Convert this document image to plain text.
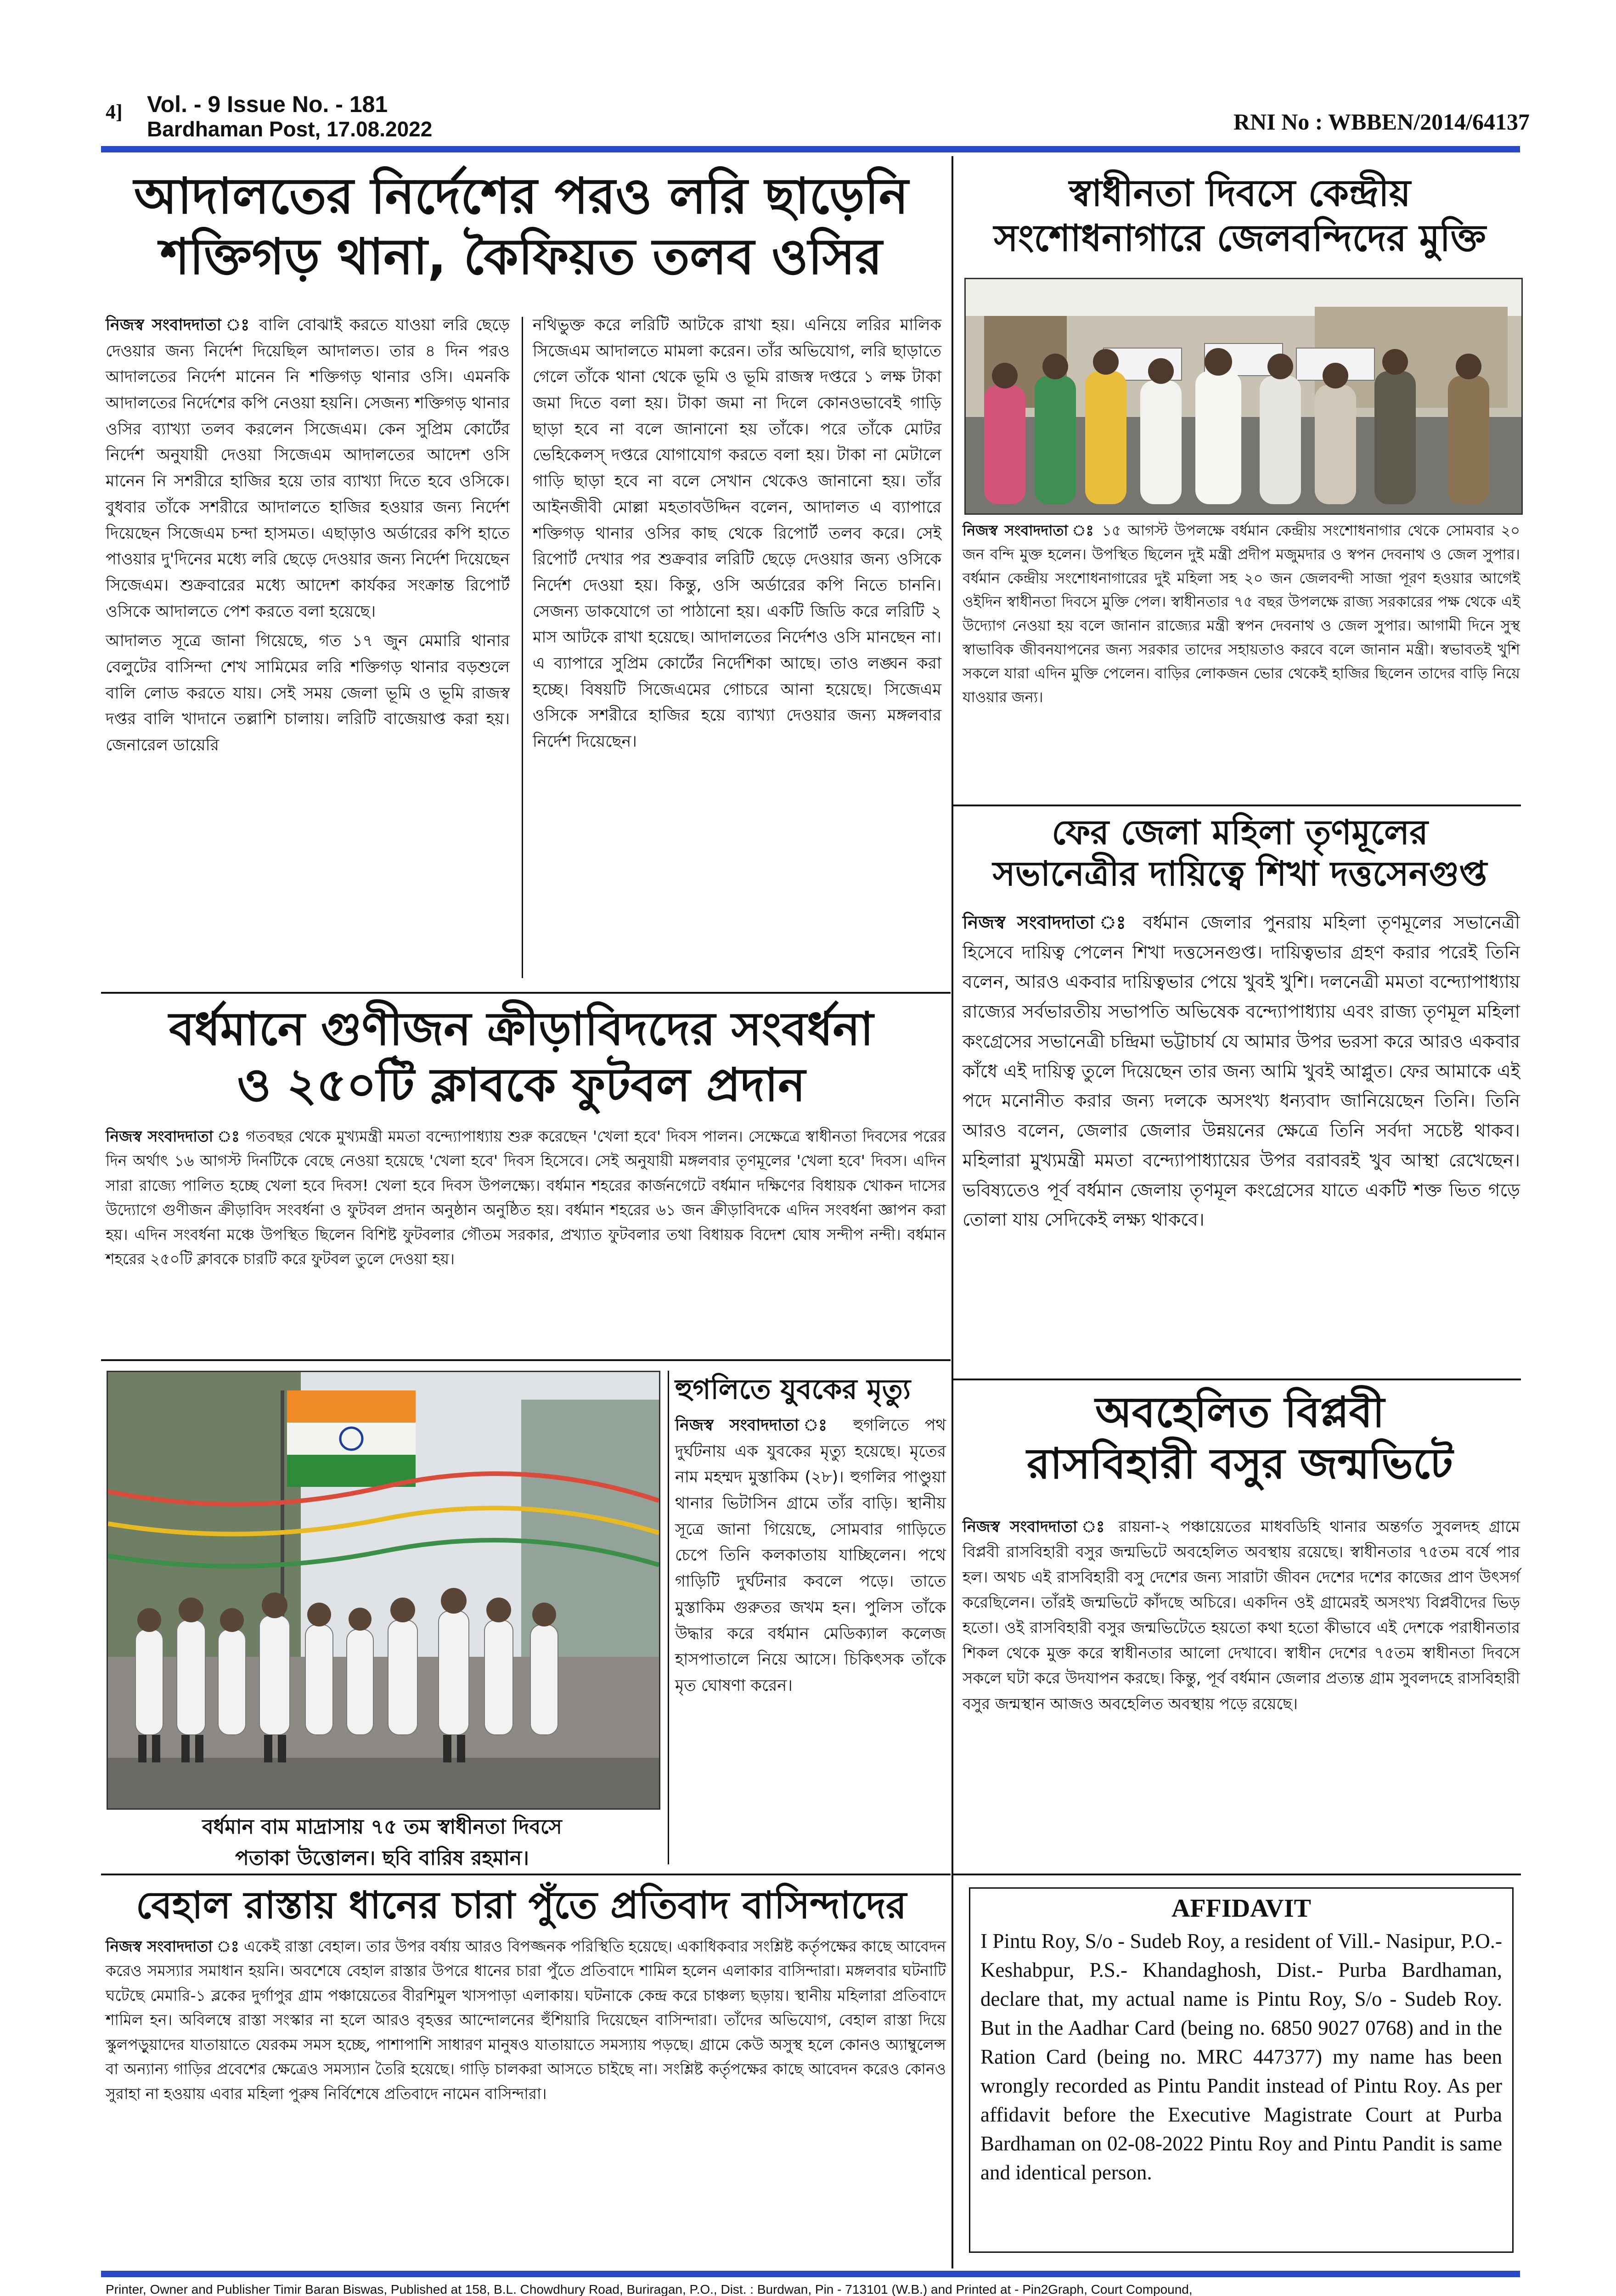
4] Vol. - 9 Issue No. - 181
Bardhaman Post, 17.08.2022	RNI No : WBBEN/2014/64137
আদালতের নির্দেশের পরও লরি ছাড়েনি
শক্তিগড় থানা, কৈফিয়ত তলব ওসির

নিজস্ব সংবাদদাতা ঃ বালি বোঝাই করতে যাওয়া লরি ছেড়ে দেওয়ার জন্য নির্দেশ দিয়েছিল আদালত। তার ৪ দিন পরও আদালতের নির্দেশ মানেন নি শক্তিগড় থানার ওসি। এমনকি আদালতের নির্দেশের কপি নেওয়া হয়নি। সেজন্য শক্তিগড় থানার ওসির ব্যাখ্যা তলব করলেন সিজেএম। কেন সুপ্রিম কোর্টের নির্দেশ অনুযায়ী দেওয়া সিজেএম আদালতের আদেশ ওসি মানেন নি সশরীরে হাজির হয়ে তার ব্যাখ্যা দিতে হবে ওসিকে। বুধবার তাঁকে সশরীরে আদালতে হাজির হওয়ার জন্য নির্দেশ দিয়েছেন সিজেএম চন্দা হাসমত। এছাড়াও অর্ডারের কপি হাতে পাওয়ার দু'দিনের মধ্যে লরি ছেড়ে দেওয়ার জন্য নির্দেশ দিয়েছেন সিজেএম। শুক্রবারের মধ্যে আদেশ কার্যকর সংক্রান্ত রিপোর্ট ওসিকে আদালতে পেশ করতে বলা হয়েছে।

আদালত সূত্রে জানা গিয়েছে, গত ১৭ জুন মেমারি থানার বেলুটের বাসিন্দা শেখ সামিমের লরি শক্তিগড় থানার বড়শুলে বালি লোড করতে যায়। সেই সময় জেলা ভূমি ও ভূমি রাজস্ব দপ্তর বালি খাদানে তল্লাশি চালায়। লরিটি বাজেয়াপ্ত করা হয়। জেনারেল ডায়েরি

নথিভুক্ত করে লরিটি আটকে রাখা হয়। এনিয়ে লরির মালিক সিজেএম আদালতে মামলা করেন। তাঁর অভিযোগ, লরি ছাড়াতে গেলে তাঁকে থানা থেকে ভূমি ও ভূমি রাজস্ব দপ্তরে ১ লক্ষ টাকা জমা দিতে বলা হয়। টাকা জমা না দিলে কোনওভাবেই গাড়ি ছাড়া হবে না বলে জানানো হয় তাঁকে। পরে তাঁকে মোটর ভেহিকেলস্ দপ্তরে যোগাযোগ করতে বলা হয়। টাকা না মেটালে গাড়ি ছাড়া হবে না বলে সেখান থেকেও জানানো হয়। তাঁর আইনজীবী মোল্লা মহতাবউদ্দিন বলেন, আদালত এ ব্যাপারে শক্তিগড় থানার ওসির কাছ থেকে রিপোর্ট তলব করে। সেই রিপোর্ট দেখার পর শুক্রবার লরিটি ছেড়ে দেওয়ার জন্য ওসিকে নির্দেশ দেওয়া হয়। কিন্তু, ওসি অর্ডারের কপি নিতে চাননি। সেজন্য ডাকযোগে তা পাঠানো হয়। একটি জিডি করে লরিটি ২ মাস আটকে রাখা হয়েছে। আদালতের নির্দেশও ওসি মানছেন না। এ ব্যাপারে সুপ্রিম কোর্টের নির্দেশিকা আছে। তাও লঙ্ঘন করা হচ্ছে। বিষয়টি সিজেএমের গোচরে আনা হয়েছে। সিজেএম ওসিকে সশরীরে হাজির হয়ে ব্যাখ্যা দেওয়ার জন্য মঙ্গলবার নির্দেশ দিয়েছেন।

বর্ধমানে গুণীজন ক্রীড়াবিদদের সংবর্ধনা
ও ২৫০টি ক্লাবকে ফুটবল প্রদান

নিজস্ব সংবাদদাতা ঃ গতবছর থেকে মুখ্যমন্ত্রী মমতা বন্দ্যোপাধ্যায় শুরু করেছেন 'খেলা হবে' দিবস পালন। সেক্ষেত্রে স্বাধীনতা দিবসের পরের দিন অর্থাৎ ১৬ আগস্ট দিনটিকে বেছে নেওয়া হয়েছে 'খেলা হবে' দিবস হিসেবে। সেই অনুযায়ী মঙ্গলবার তৃণমূলের 'খেলা হবে' দিবস। এদিন সারা রাজ্যে পালিত হচ্ছে খেলা হবে দিবস! খেলা হবে দিবস উপলক্ষ্যে। বর্ধমান শহরের কার্জনগেটে বর্ধমান দক্ষিণের বিধায়ক খোকন দাসের উদ্যোগে গুণীজন ক্রীড়াবিদ সংবর্ধনা ও ফুটবল প্রদান অনুষ্ঠান অনুষ্ঠিত হয়। বর্ধমান শহরের ৬১ জন ক্রীড়াবিদকে এদিন সংবর্ধনা জ্ঞাপন করা হয়। এদিন সংবর্ধনা মঞ্চে উপস্থিত ছিলেন বিশিষ্ট ফুটবলার গৌতম সরকার, প্রখ্যাত ফুটবলার তথা বিধায়ক বিদেশ ঘোষ সন্দীপ নন্দী। বর্ধমান শহরের ২৫০টি ক্লাবকে চারটি করে ফুটবল তুলে দেওয়া হয়।

বর্ধমান বাম মাদ্রাসায় ৭৫ তম স্বাধীনতা দিবসে
পতাকা উত্তোলন। ছবি বারিষ রহমান।
হুগলিতে যুবকের মৃত্যু

নিজস্ব সংবাদদাতা ঃ হুগলিতে পথ দুর্ঘটনায় এক যুবকের মৃত্যু হয়েছে। মৃতের নাম মহম্মদ মুস্তাকিম (২৮)। হুগলির পাণ্ডুয়া থানার ভিটাসিন গ্রামে তাঁর বাড়ি। স্থানীয় সূত্রে জানা গিয়েছে, সোমবার গাড়িতে চেপে তিনি কলকাতায় যাচ্ছিলেন। পথে গাড়িটি দুর্ঘটনার কবলে পড়ে। তাতে মুস্তাকিম গুরুতর জখম হন। পুলিস তাঁকে উদ্ধার করে বর্ধমান মেডিক্যাল কলেজ হাসপাতালে নিয়ে আসে। চিকিৎসক তাঁকে মৃত ঘোষণা করেন।

বেহাল রাস্তায় ধানের চারা পুঁতে প্রতিবাদ বাসিন্দাদের

নিজস্ব সংবাদদাতা ঃ একেই রাস্তা বেহাল। তার উপর বর্ষায় আরও বিপজ্জনক পরিস্থিতি হয়েছে। একাধিকবার সংশ্লিষ্ট কর্তৃপক্ষের কাছে আবেদন করেও সমস্যার সমাধান হয়নি। অবশেষে বেহাল রাস্তার উপরে ধানের চারা পুঁতে প্রতিবাদে শামিল হলেন এলাকার বাসিন্দারা। মঙ্গলবার ঘটনাটি ঘটেছে মেমারি-১ ব্লকের দুর্গাপুর গ্রাম পঞ্চায়েতের বীরশিমুল খাসপাড়া এলাকায়। ঘটনাকে কেন্দ্র করে চাঞ্চল্য ছড়ায়। স্থানীয় মহিলারা প্রতিবাদে শামিল হন। অবিলম্বে রাস্তা সংস্কার না হলে আরও বৃহত্তর আন্দোলনের হুঁশিয়ারি দিয়েছেন বাসিন্দারা। তাঁদের অভিযোগ, বেহাল রাস্তা দিয়ে স্কুলপড়ুয়াদের যাতায়াতে যেরকম সমস হচ্ছে, পাশাপাশি সাধারণ মানুষও যাতায়াতে সমস্যায় পড়ছে। গ্রামে কেউ অসুস্থ হলে কোনও অ্যাম্বুলেন্স বা অন্যান্য গাড়ির প্রবেশের ক্ষেত্রেও সমস্যান তৈরি হয়েছে। গাড়ি চালকরা আসতে চাইছে না। সংশ্লিষ্ট কর্তৃপক্ষের কাছে আবেদন করেও কোনও সুরাহা না হওয়ায় এবার মহিলা পুরুষ নির্বিশেষে প্রতিবাদে নামেন বাসিন্দারা।

স্বাধীনতা দিবসে কেন্দ্রীয়
সংশোধনাগারে জেলবন্দিদের মুক্তি

নিজস্ব সংবাদদাতা ঃ ১৫ আগস্ট উপলক্ষে বর্ধমান কেন্দ্রীয় সংশোধনাগার থেকে সোমবার ২০ জন বন্দি মুক্ত হলেন। উপস্থিত ছিলেন দুই মন্ত্রী প্রদীপ মজুমদার ও স্বপন দেবনাথ ও জেল সুপার। বর্ধমান কেন্দ্রীয় সংশোধনাগারের দুই মহিলা সহ ২০ জন জেলবন্দী সাজা পূরণ হওয়ার আগেই ওইদিন স্বাধীনতা দিবসে মুক্তি পেল। স্বাধীনতার ৭৫ বছর উপলক্ষে রাজ্য সরকারের পক্ষ থেকে এই উদ্যোগ নেওয়া হয় বলে জানান রাজ্যের মন্ত্রী স্বপন দেবনাথ ও জেল সুপার। আগামী দিনে সুস্থ স্বাভাবিক জীবনযাপনের জন্য সরকার তাদের সহায়তাও করবে বলে জানান মন্ত্রী। স্বভাবতই খুশি সকলে যারা এদিন মুক্তি পেলেন। বাড়ির লোকজন ভোর থেকেই হাজির ছিলেন তাদের বাড়ি নিয়ে যাওয়ার জন্য।

ফের জেলা মহিলা তৃণমূলের
সভানেত্রীর দায়িত্বে শিখা দত্তসেনগুপ্ত

নিজস্ব সংবাদদাতা ঃ বর্ধমান জেলার পুনরায় মহিলা তৃণমূলের সভানেত্রী হিসেবে দায়িত্ব পেলেন শিখা দত্তসেনগুপ্ত। দায়িত্বভার গ্রহণ করার পরেই তিনি বলেন, আরও একবার দায়িত্বভার পেয়ে খুবই খুশি। দলনেত্রী মমতা বন্দ্যোপাধ্যায় রাজ্যের সর্বভারতীয় সভাপতি অভিষেক বন্দ্যোপাধ্যায় এবং রাজ্য তৃণমূল মহিলা কংগ্রেসের সভানেত্রী চন্দ্রিমা ভট্টাচার্য যে আমার উপর ভরসা করে আরও একবার কাঁধে এই দায়িত্ব তুলে দিয়েছেন তার জন্য আমি খুবই আপ্লুত। ফের আমাকে এই পদে মনোনীত করার জন্য দলকে অসংখ্য ধন্যবাদ জানিয়েছেন তিনি। তিনি আরও বলেন, জেলার জেলার উন্নয়নের ক্ষেত্রে তিনি সর্বদা সচেষ্ট থাকব। মহিলারা মুখ্যমন্ত্রী মমতা বন্দ্যোপাধ্যায়ের উপর বরাবরই খুব আস্থা রেখেছেন। ভবিষ্যতেও পূর্ব বর্ধমান জেলায় তৃণমূল কংগ্রেসের যাতে একটি শক্ত ভিত গড়ে তোলা যায় সেদিকেই লক্ষ্য থাকবে।

অবহেলিত বিপ্লবী
রাসবিহারী বসুর জন্মভিটে

নিজস্ব সংবাদদাতা ঃ রায়না-২ পঞ্চায়েতের মাধবডিহি থানার অন্তর্গত সুবলদহ গ্রামে বিপ্লবী রাসবিহারী বসুর জন্মভিটে অবহেলিত অবস্থায় রয়েছে। স্বাধীনতার ৭৫তম বর্ষে পার হল। অথচ এই রাসবিহারী বসু দেশের জন্য সারাটা জীবন দেশের দশের কাজের প্রাণ উৎসর্গ করেছিলেন। তাঁরই জন্মভিটে কাঁদছে অচিরে। একদিন ওই গ্রামেরই অসংখ্য বিপ্লবীদের ভিড় হতো। ওই রাসবিহারী বসুর জন্মভিটেতে হয়তো কথা হতো কীভাবে এই দেশকে পরাধীনতার শিকল থেকে মুক্ত করে স্বাধীনতার আলো দেখাবে। স্বাধীন দেশের ৭৫তম স্বাধীনতা দিবসে সকলে ঘটা করে উদযাপন করছে। কিন্তু, পূর্ব বর্ধমান জেলার প্রত্যন্ত গ্রাম সুবলদহে রাসবিহারী বসুর জন্মস্থান আজও অবহেলিত অবস্থায় পড়ে রয়েছে।

AFFIDAVIT
I Pintu Roy, S/o - Sudeb Roy, a resident of Vill.- Nasipur, P.O.- Keshabpur, P.S.- Khandaghosh, Dist.- Purba Bardhaman, declare that, my actual name is Pintu Roy, S/o - Sudeb Roy. But in the Aadhar Card (being no. 6850 9027 0768) and in the Ration Card (being no. MRC 447377) my name has been wrongly recorded as Pintu Pandit instead of Pintu Roy. As per affidavit before the Executive Magistrate Court at Purba Bardhaman on 02-08-2022 Pintu Roy and Pintu Pandit is same and identical person.
Printer, Owner and Publisher Timir Baran Biswas, Published at 158, B.L. Chowdhury Road, Buriragan, P.O., Dist. : Burdwan, Pin - 713101 (W.B.) and Printed at - Pin2Graph, Court Compound,
